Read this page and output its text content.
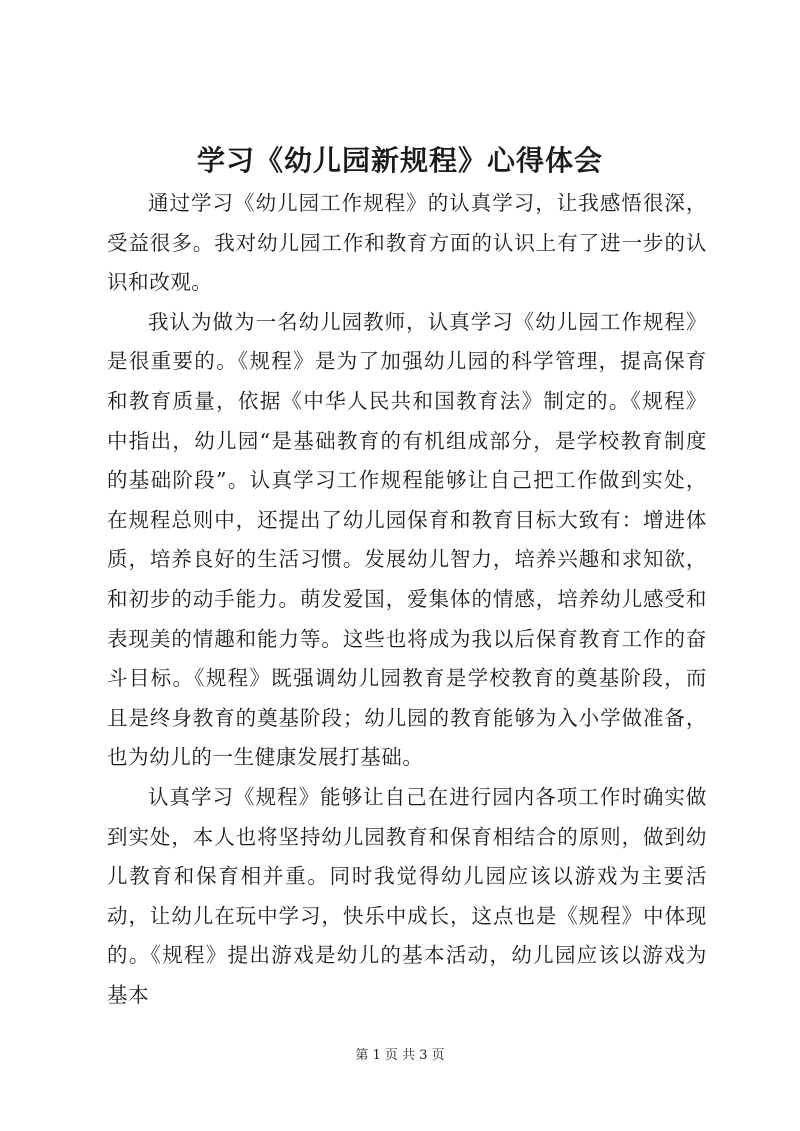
学习《幼儿园新规程》心得体会

通过学习《幼儿园工作规程》的认真学习，让我感悟很深，受益很多。我对幼儿园工作和教育方面的认识上有了进一步的认识和改观。

我认为做为一名幼儿园教师，认真学习《幼儿园工作规程》是很重要的。《规程》是为了加强幼儿园的科学管理，提高保育和教育质量，依据《中华人民共和国教育法》制定的。《规程》中指出，幼儿园“是基础教育的有机组成部分，是学校教育制度的基础阶段”。认真学习工作规程能够让自己把工作做到实处，在规程总则中，还提出了幼儿园保育和教育目标大致有：增进体质，培养良好的生活习惯。发展幼儿智力，培养兴趣和求知欲，和初步的动手能力。萌发爱国，爱集体的情感，培养幼儿感受和表现美的情趣和能力等。这些也将成为我以后保育教育工作的奋斗目标。《规程》既强调幼儿园教育是学校教育的奠基阶段，而且是终身教育的奠基阶段；幼儿园的教育能够为入小学做准备，也为幼儿的一生健康发展打基础。

认真学习《规程》能够让自己在进行园内各项工作时确实做到实处，本人也将坚持幼儿园教育和保育相结合的原则，做到幼儿教育和保育相并重。同时我觉得幼儿园应该以游戏为主要活动，让幼儿在玩中学习，快乐中成长，这点也是《规程》中体现的。《规程》提出游戏是幼儿的基本活动，幼儿园应该以游戏为基本

第 1 页 共 3 页
